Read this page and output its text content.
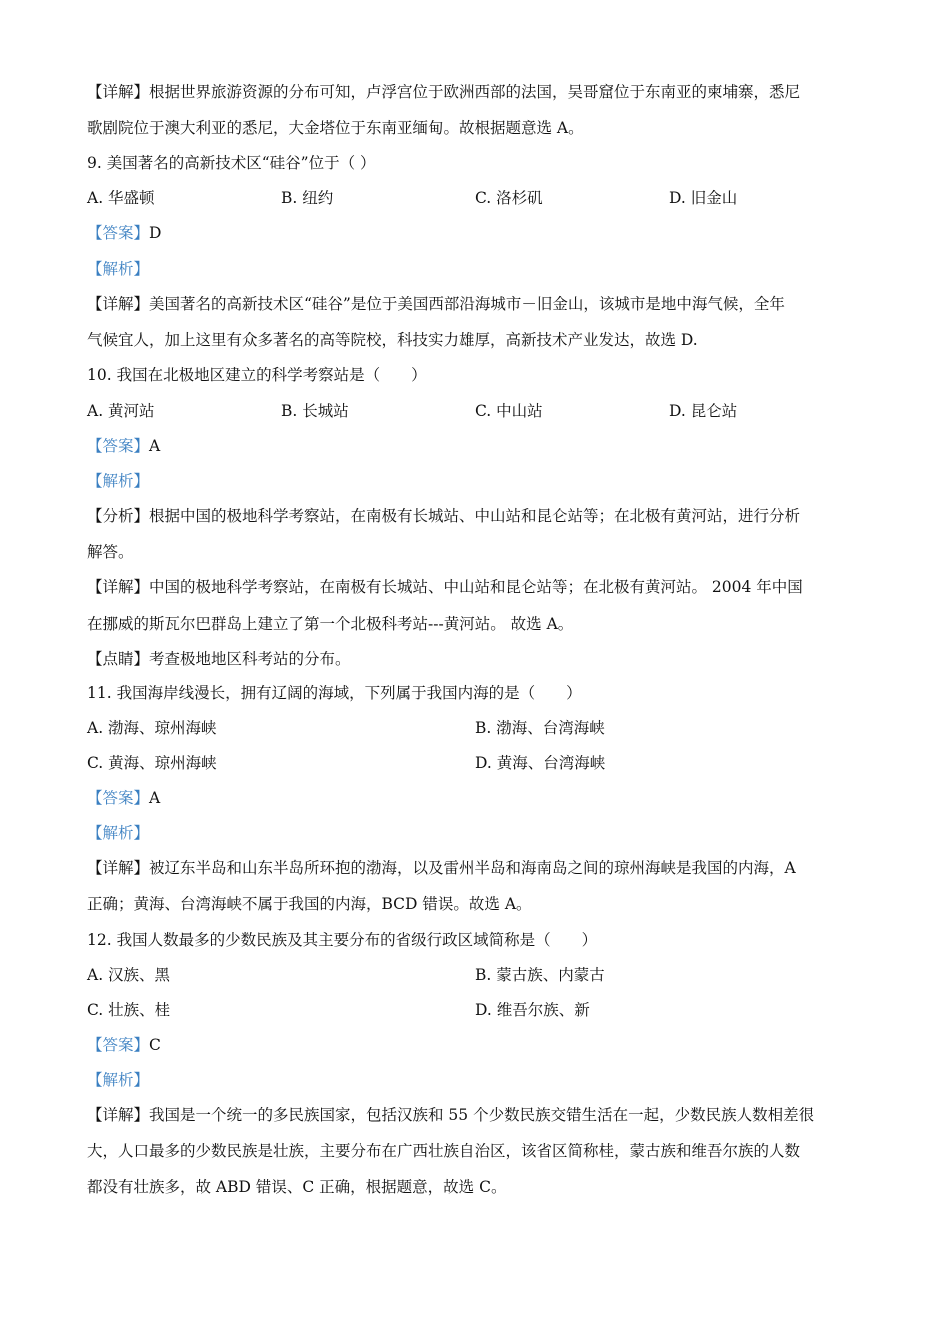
【详解】根据世界旅游资源的分布可知，卢浮宫位于欧洲西部的法国，吴哥窟位于东南亚的柬埔寨，悉尼
歌剧院位于澳大利亚的悉尼，大金塔位于东南亚缅甸。故根据题意选 A。
9. 美国著名的高新技术区“硅谷”位于（ ）
A. 华盛顿	B. 纽约	C. 洛杉矶	D. 旧金山
【答案】D
【解析】
【详解】美国著名的高新技术区“硅谷”是位于美国西部沿海城市－旧金山，该城市是地中海气候，全年
气候宜人，加上这里有众多著名的高等院校，科技实力雄厚，高新技术产业发达，故选 D.
10. 我国在北极地区建立的科学考察站是（　　）
A. 黄河站	B. 长城站	C. 中山站	D. 昆仑站
【答案】A
【解析】
【分析】根据中国的极地科学考察站，在南极有长城站、中山站和昆仑站等；在北极有黄河站，进行分析
解答。
【详解】中国的极地科学考察站，在南极有长城站、中山站和昆仑站等；在北极有黄河站。 2004 年中国
在挪威的斯瓦尔巴群岛上建立了第一个北极科考站---黄河站。 故选 A。
【点睛】考查极地地区科考站的分布。
11. 我国海岸线漫长，拥有辽阔的海域，下列属于我国内海的是（　　）
A. 渤海、琼州海峡	B. 渤海、台湾海峡
C. 黄海、琼州海峡	D. 黄海、台湾海峡
【答案】A
【解析】
【详解】被辽东半岛和山东半岛所环抱的渤海，以及雷州半岛和海南岛之间的琼州海峡是我国的内海，A
正确；黄海、台湾海峡不属于我国的内海，BCD 错误。故选 A。
12. 我国人数最多的少数民族及其主要分布的省级行政区域简称是（　　）
A. 汉族、黑	B. 蒙古族、内蒙古
C. 壮族、桂	D. 维吾尔族、新
【答案】C
【解析】
【详解】我国是一个统一的多民族国家，包括汉族和 55 个少数民族交错生活在一起，少数民族人数相差很
大，人口最多的少数民族是壮族，主要分布在广西壮族自治区，该省区简称桂，蒙古族和维吾尔族的人数
都没有壮族多，故 ABD 错误、C 正确，根据题意，故选 C。
